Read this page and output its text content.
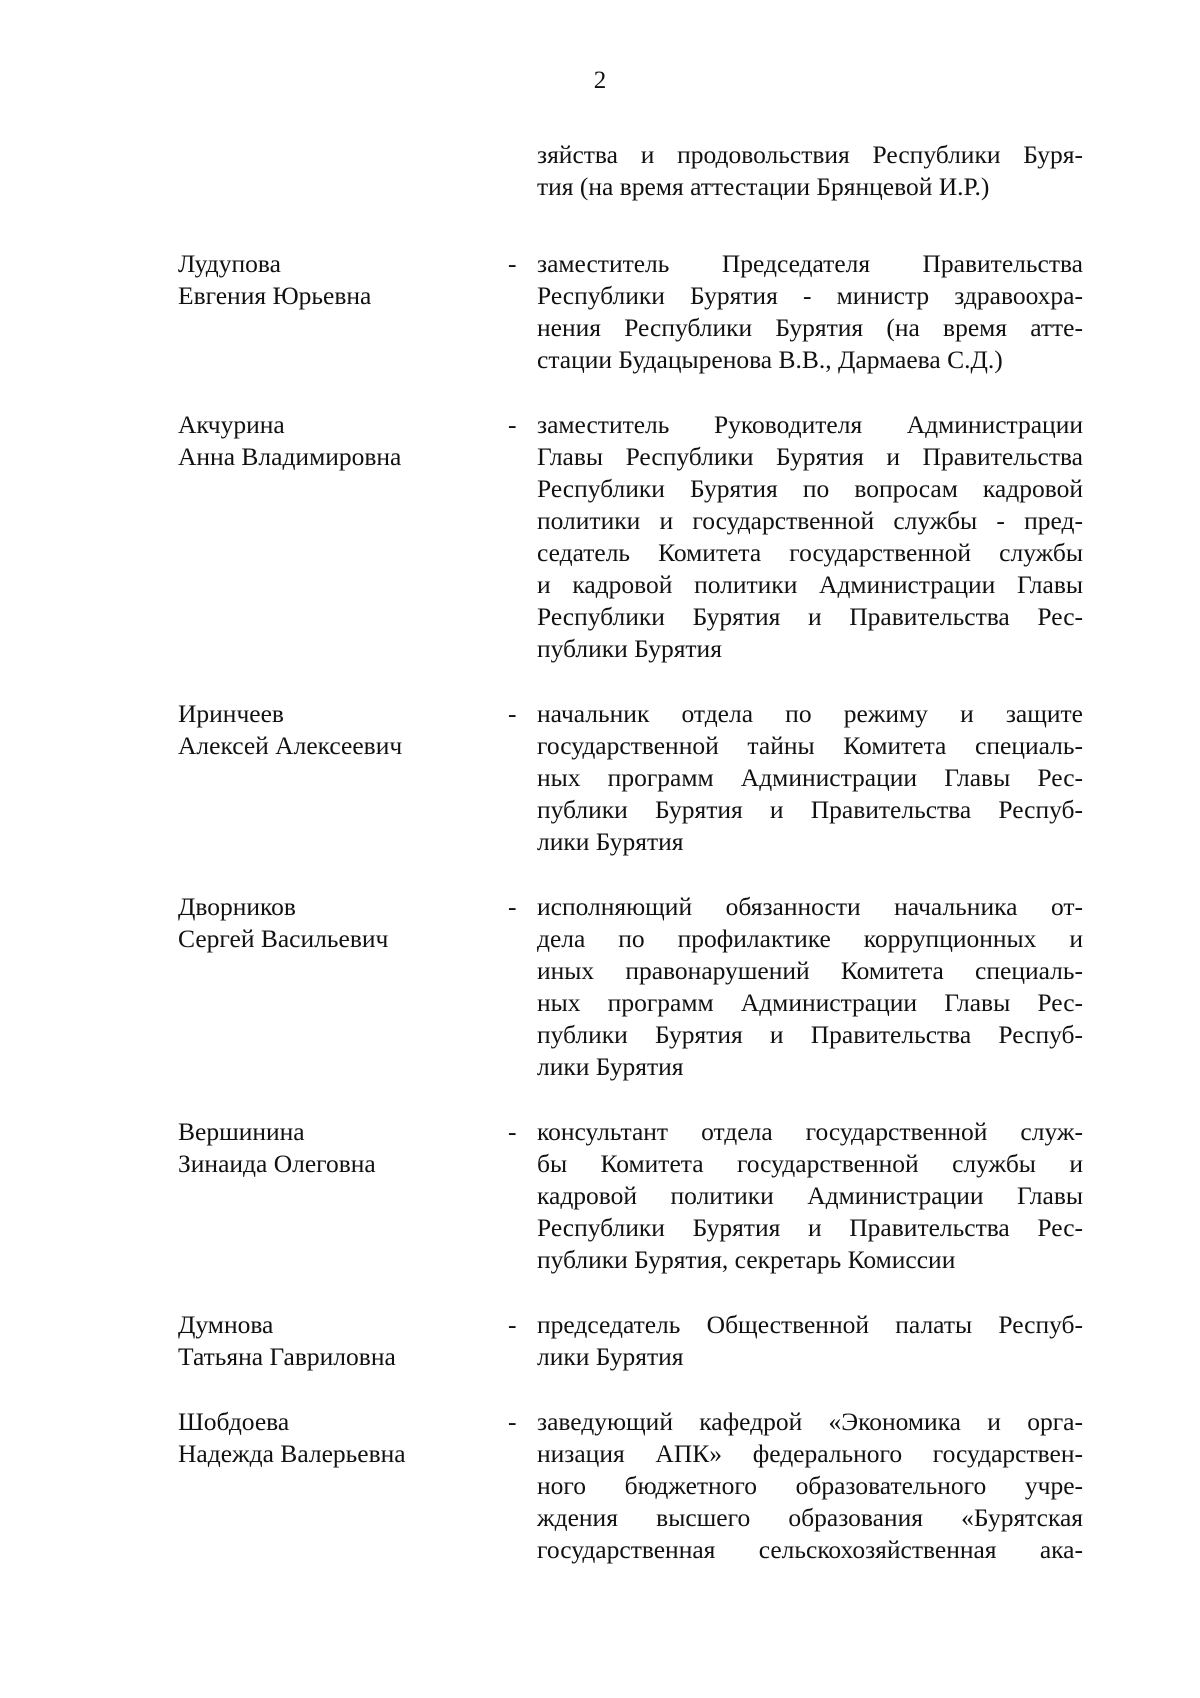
2
зяйства и продовольствия Республики Буря-
тия (на время аттестации Брянцевой И.Р.)
Лудупова
Евгения Юрьевна
- заместитель Председателя Правительства
Республики Бурятия - министр здравоохра-
нения Республики Бурятия (на время атте-
стации Будацыренова В.В., Дармаева С.Д.)
Акчурина
Анна Владимировна
- заместитель Руководителя Администрации
Главы Республики Бурятия и Правительства
Республики Бурятия по вопросам кадровой
политики и государственной службы - пред-
седатель Комитета государственной службы
и кадровой политики Администрации Главы
Республики Бурятия и Правительства Рес-
публики Бурятия
Иринчеев
Алексей Алексеевич
- начальник отдела по режиму и защите
государственной тайны Комитета специаль-
ных программ Администрации Главы Рес-
публики Бурятия и Правительства Респуб-
лики Бурятия
Дворников
Сергей Васильевич
- исполняющий обязанности начальника от-
дела по профилактике коррупционных и
иных правонарушений Комитета специаль-
ных программ Администрации Главы Рес-
публики Бурятия и Правительства Респуб-
лики Бурятия
Вершинина
Зинаида Олеговна
- консультант отдела государственной служ-
бы Комитета государственной службы и
кадровой политики Администрации Главы
Республики Бурятия и Правительства Рес-
публики Бурятия, секретарь Комиссии
Думнова
Татьяна Гавриловна
- председатель Общественной палаты Респуб-
лики Бурятия
Шобдоева
Надежда Валерьевна
- заведующий кафедрой «Экономика и орга-
низация АПК» федерального государствен-
ного бюджетного образовательного учре-
ждения высшего образования «Бурятская
государственная сельскохозяйственная ака-
